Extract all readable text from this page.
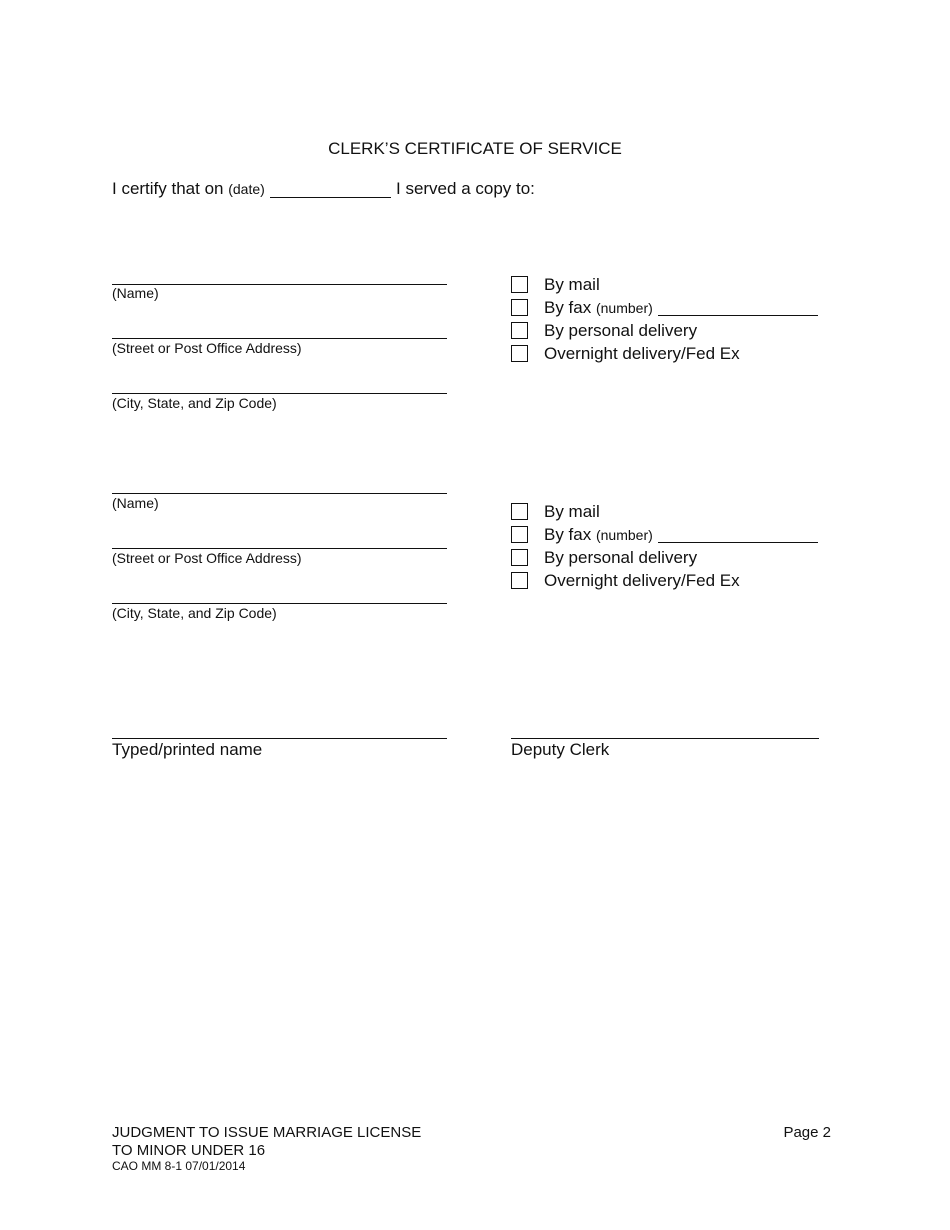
CLERK’S CERTIFICATE OF SERVICE
I certify that on (date)	I served a copy to:
(Name)
(Street or Post Office Address)
(City, State, and Zip Code)
By mail
By fax (number)
By personal delivery
Overnight delivery/Fed Ex
(Name)
(Street or Post Office Address)
(City, State, and Zip Code)
By mail
By fax (number)
By personal delivery
Overnight delivery/Fed Ex
Typed/printed name	Deputy Clerk
JUDGMENT TO ISSUE MARRIAGE LICENSE
TO MINOR UNDER 16
CAO MM 8-1 07/01/2014
Page 2
